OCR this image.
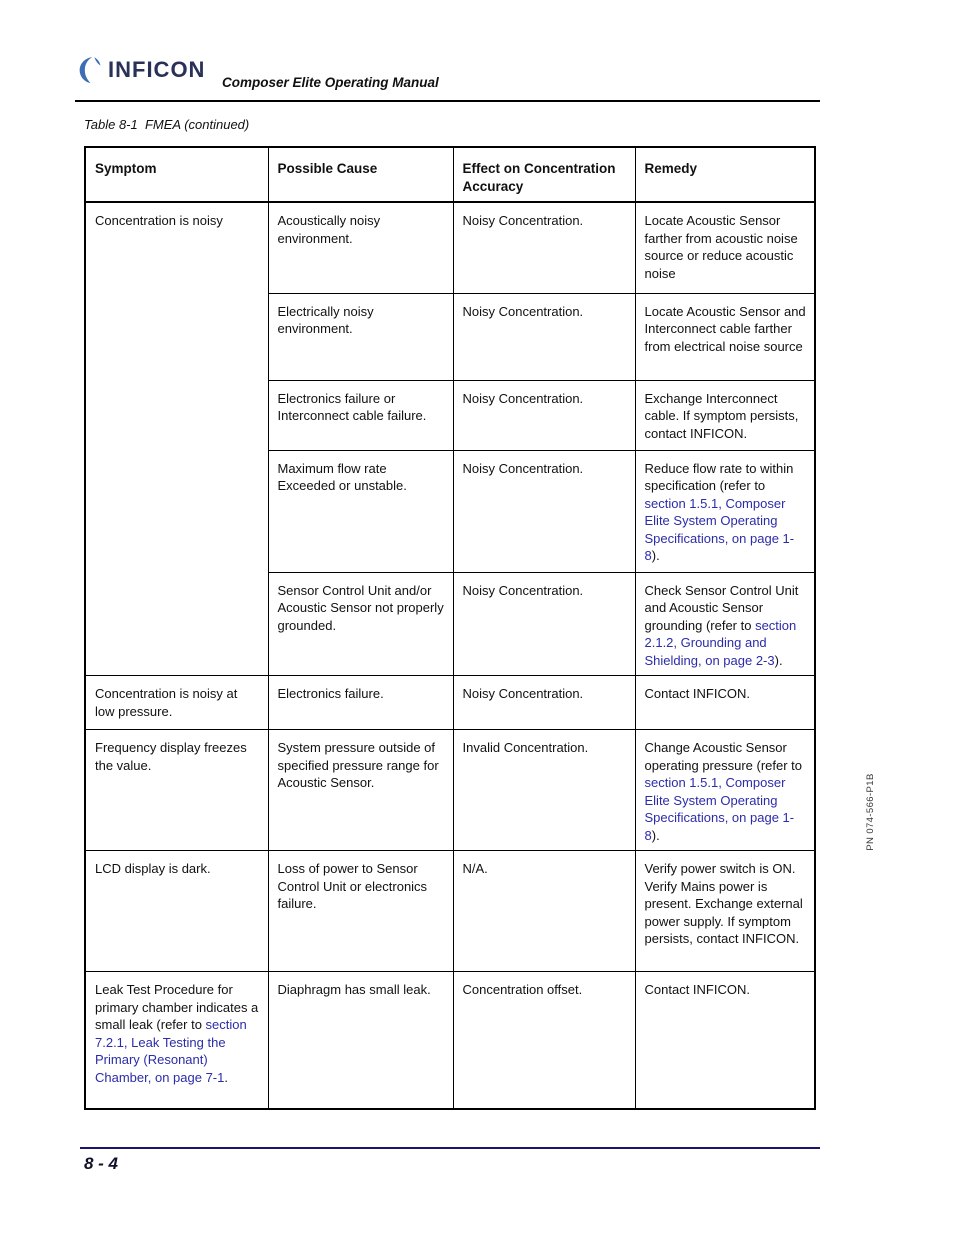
INFICON
Composer Elite Operating Manual
Table 8-1  FMEA (continued)
Symptom	Possible Cause	Effect on Concentration Accuracy	Remedy
Concentration is noisy	Acoustically noisy environment.	Noisy Concentration.	Locate Acoustic Sensor farther from acoustic noise source or reduce acoustic noise
	Electrically noisy environment.	Noisy Concentration.	Locate Acoustic Sensor and Interconnect cable farther from electrical noise source
	Electronics failure or Interconnect cable failure.	Noisy Concentration.	Exchange Interconnect cable. If symptom persists, contact INFICON.
	Maximum flow rate Exceeded or unstable.	Noisy Concentration.	Reduce flow rate to within specification (refer to section 1.5.1, Composer Elite System Operating Specifications, on page 1-8).
	Sensor Control Unit and/or Acoustic Sensor not properly grounded.	Noisy Concentration.	Check Sensor Control Unit and Acoustic Sensor grounding (refer to section 2.1.2, Grounding and Shielding, on page 2-3).
Concentration is noisy at low pressure.	Electronics failure.	Noisy Concentration.	Contact INFICON.
Frequency display freezes the value.	System pressure outside of specified pressure range for Acoustic Sensor.	Invalid Concentration.	Change Acoustic Sensor operating pressure (refer to section 1.5.1, Composer Elite System Operating Specifications, on page 1-8).
LCD display is dark.	Loss of power to Sensor Control Unit or electronics failure.	N/A.	Verify power switch is ON. Verify Mains power is present. Exchange external power supply. If symptom persists, contact INFICON.
Leak Test Procedure for primary chamber indicates a small leak (refer to section 7.2.1, Leak Testing the Primary (Resonant) Chamber, on page 7-1.	Diaphragm has small leak.	Concentration offset.	Contact INFICON.
PN 074-566-P1B
8 - 4
